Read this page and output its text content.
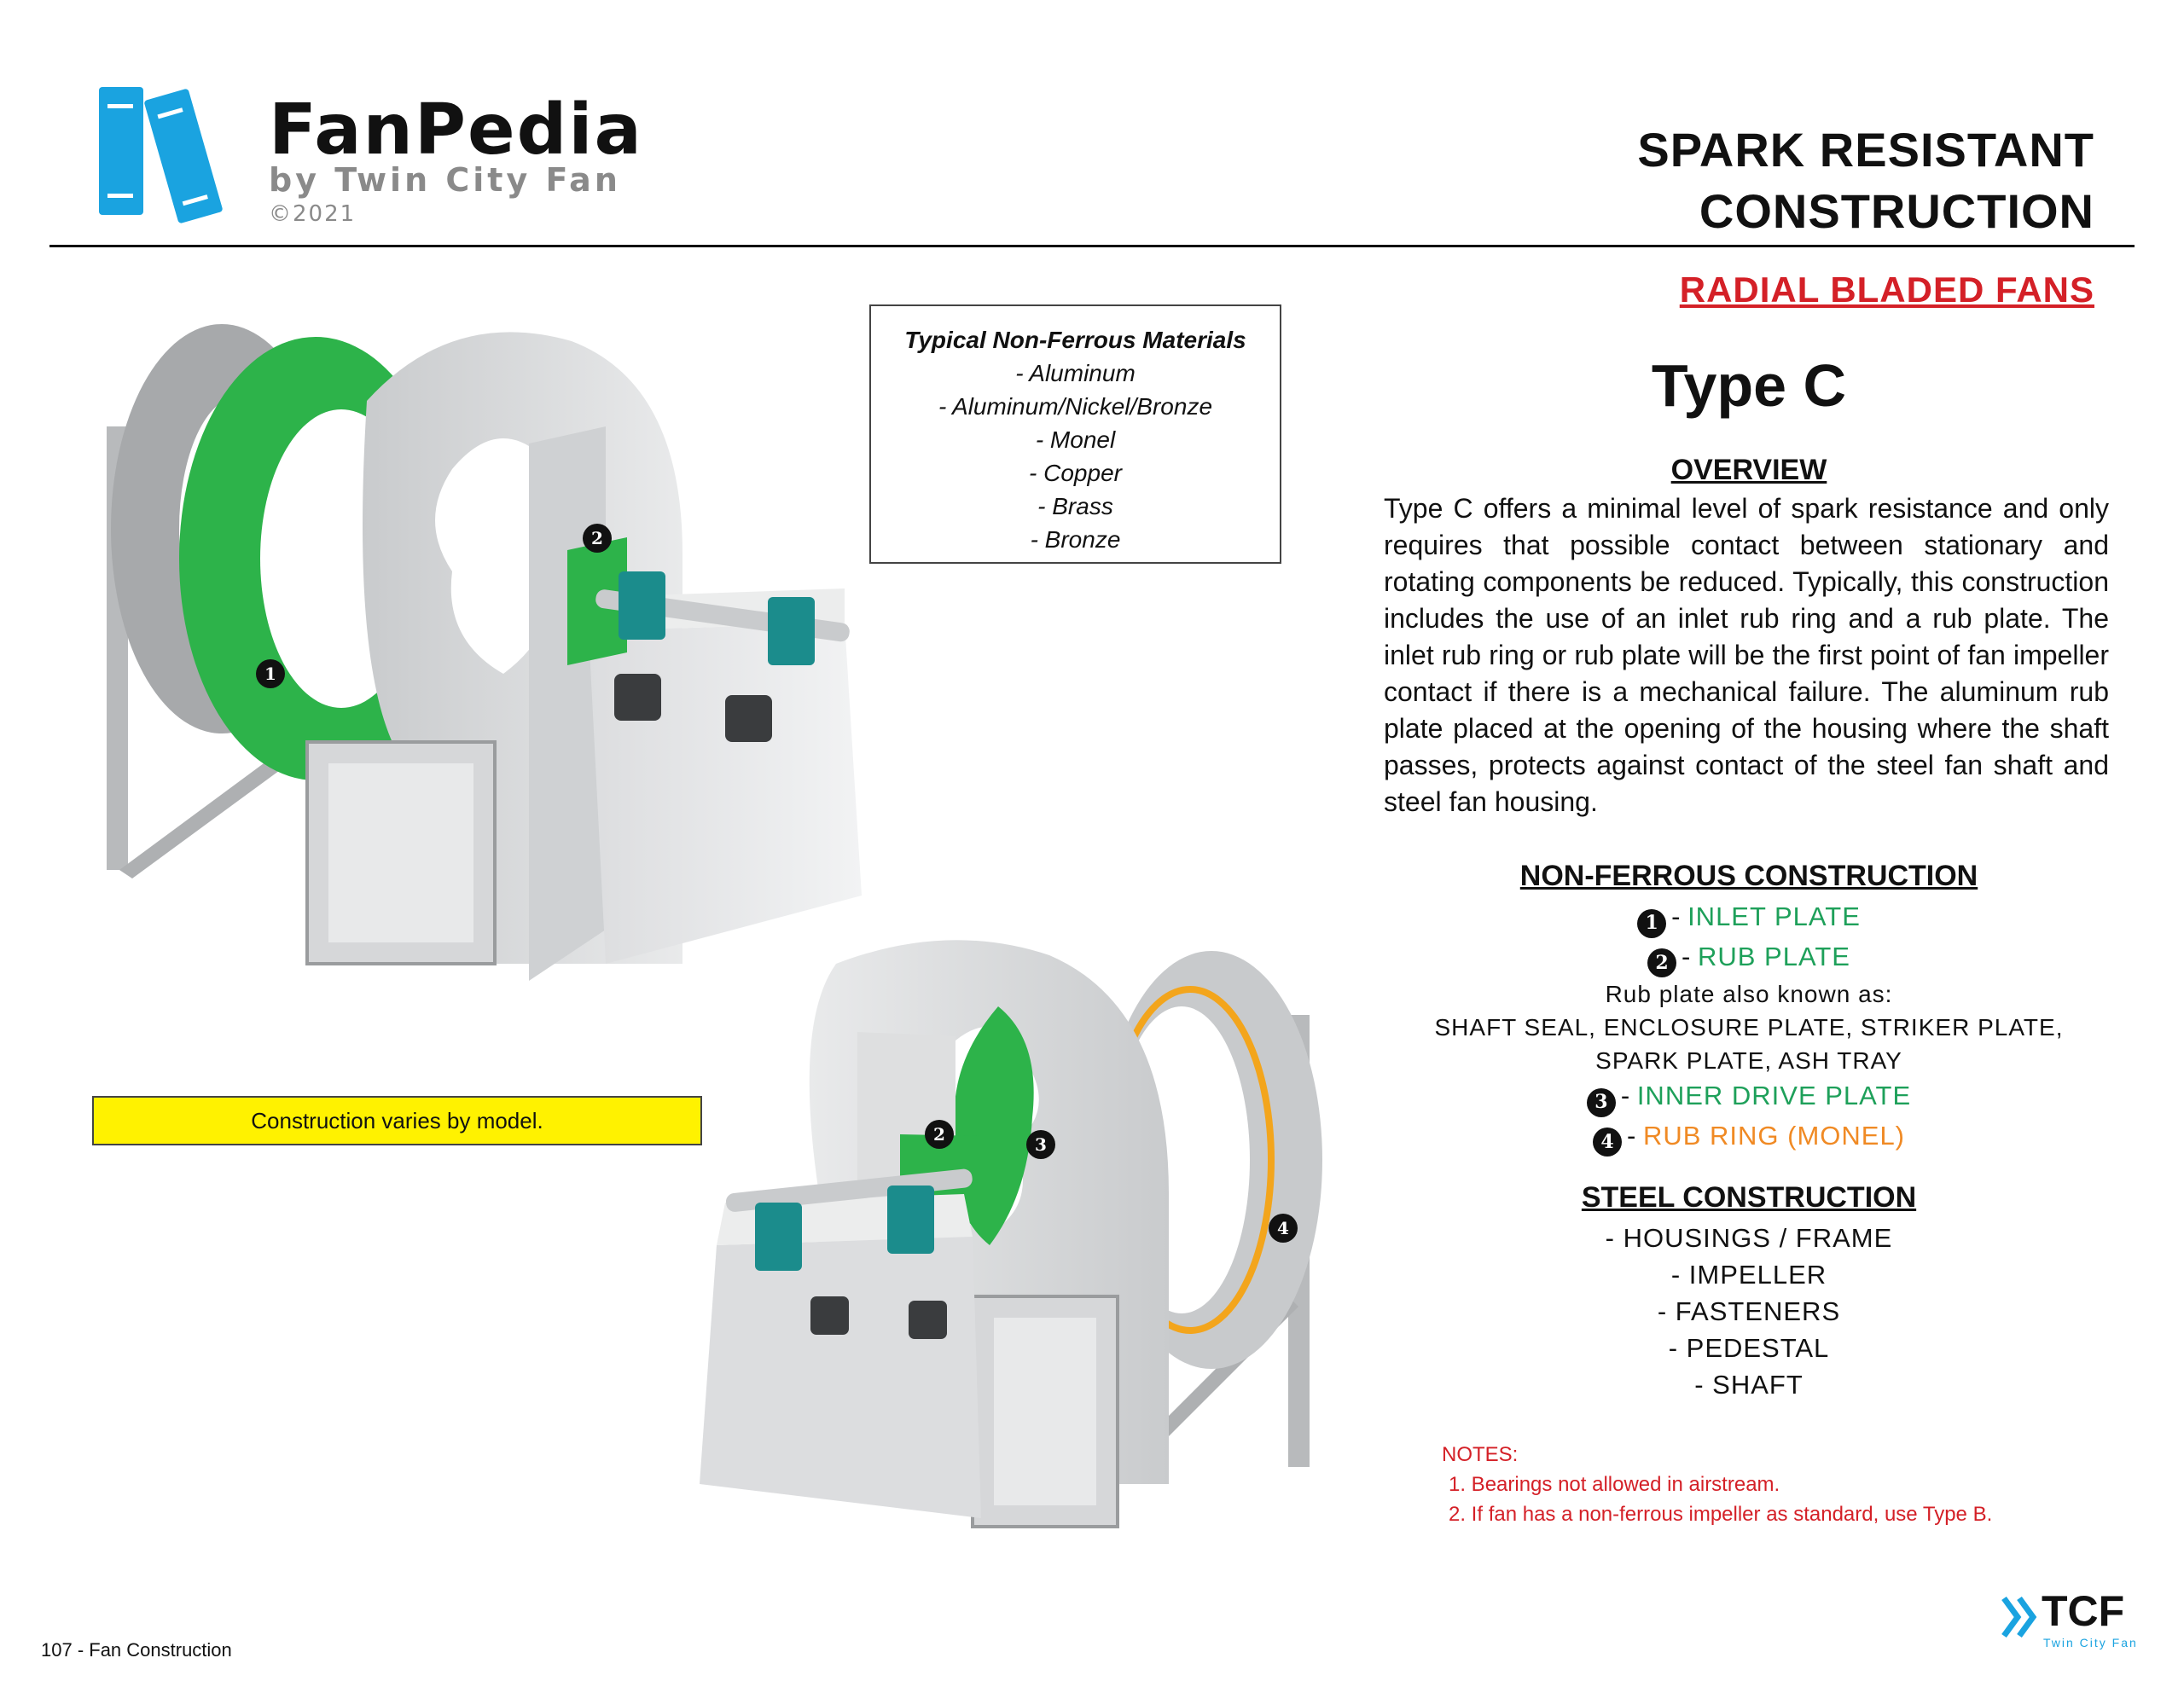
FanPedia
by Twin City Fan
©2021
SPARK RESISTANT
CONSTRUCTION
RADIAL BLADED FANS
Type C
Typical Non-Ferrous Materials
- Aluminum
- Aluminum/Nickel/Bronze
- Monel
- Copper
- Brass
- Bronze
1
2
Construction varies by model.
2	3
4
OVERVIEW
Type C offers a minimal level of spark resistance and only requires that possible contact between stationary and rotating components be reduced. Typically, this construction includes the use of an inlet rub ring and a rub plate. The inlet rub ring or rub plate will be the first point of fan impeller contact if there is a mechanical failure. The aluminum rub plate placed at the opening of the housing where the shaft passes, protects against contact of the steel fan shaft and steel fan housing.
NON-FERROUS CONSTRUCTION
1 - INLET PLATE
2 - RUB PLATE
Rub plate also known as:
SHAFT SEAL, ENCLOSURE PLATE, STRIKER PLATE,
SPARK PLATE, ASH TRAY
3 - INNER DRIVE PLATE
4 - RUB RING (MONEL)
STEEL CONSTRUCTION
- HOUSINGS / FRAME
- IMPELLER
- FASTENERS
- PEDESTAL
- SHAFT
NOTES:
1. Bearings not allowed in airstream.
2. If fan has a non-ferrous impeller as standard, use Type B.
107 - Fan Construction
TCF
Twin City Fan
